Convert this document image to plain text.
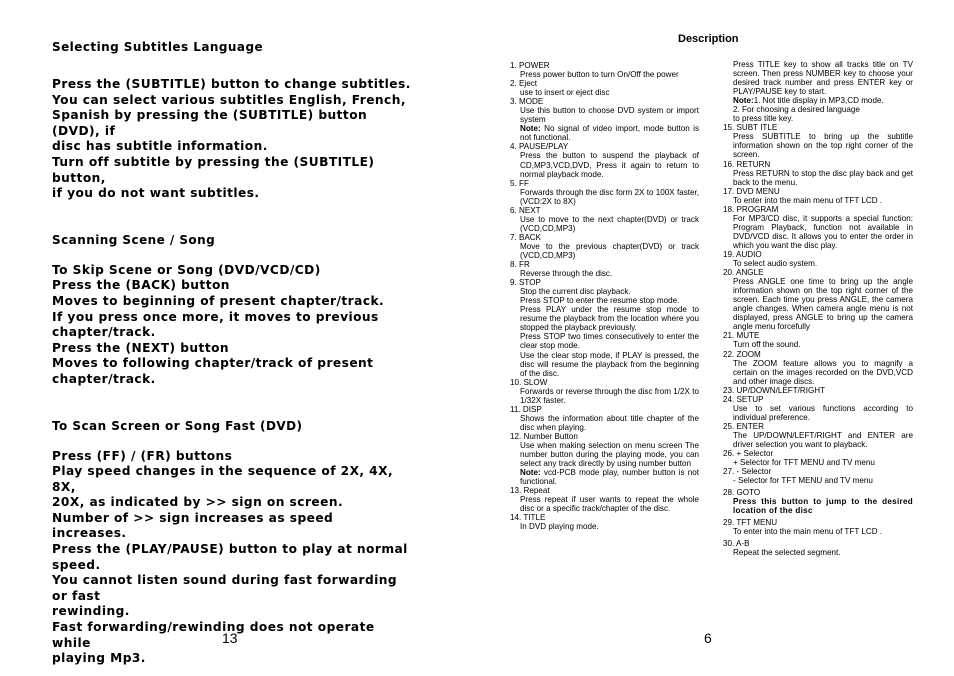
Selecting Subtitles Language

Press the (SUBTITLE) button to change subtitles.

You can select various subtitles English, French,

Spanish by pressing the (SUBTITLE) button (DVD), if

disc has subtitle information.

Turn off subtitle by pressing the (SUBTITLE) button,

if you do not want subtitles.

Scanning Scene / Song

To Skip Scene or Song (DVD/VCD/CD)

Press the (BACK) button

Moves to beginning of present chapter/track.

If you press once more, it moves to previous

chapter/track.

Press the (NEXT) button

Moves to following chapter/track of present

chapter/track.

To Scan Screen or Song Fast (DVD)

Press (FF) / (FR) buttons

Play speed changes in the sequence of 2X, 4X, 8X,

20X, as indicated by >> sign on screen.

Number of >> sign increases as speed increases.

Press the (PLAY/PAUSE) button to play at normal

speed.

You cannot listen sound during fast forwarding or fast

rewinding.

Fast forwarding/rewinding does not operate while

playing Mp3.

13
Description

1. POWER

Press power button to turn On/Off the power

2. Eject

use to insert or eject disc

3. MODE

Use this button to choose DVD system or import system

Note: No signal of video import, mode button is not functional.

4. PAUSE/PLAY

Press the button to suspend the playback of CD,MP3,VCD,DVD, Press it again to return to normal playback mode.

5. FF

Forwards through the disc form 2X to 100X faster,(VCD:2X to 8X)

6. NEXT

Use to move to the next chapter(DVD) or track (VCD,CD,MP3)

7. BACK

Move to the previous chapter(DVD) or track (VCD,CD,MP3)

8. FR

Reverse through the disc.

9. STOP

Stop the current disc playback.
Press STOP to enter the resume stop mode.
Press PLAY under the resume stop mode to resume the playback from the location where you stopped the playback previously.
Press STOP two times consecutively to enter the clear stop mode.
Use the clear stop mode, if PLAY is pressed, the disc will resume the playback from the beginning of the disc.

10. SLOW

Forwards or reverse through the disc from 1/2X to 1/32X faster.

11. DISP

Shows the information about title chapter of the disc when playing.

12. Number Button

Use when making selection on menu screen The number button during the playing mode, you can select any track directly by using number button

Note: vcd-PCB mode play, number button is not functional.

13. Repeat

Press repeat if user wants to repeat the whole disc or a specific track/chapter of the disc.

14. TITLE

In DVD playing mode.

Press TITLE key to show all tracks title on TV screen. Then press NUMBER key to choose your desired track number and press ENTER key or PLAY/PAUSE key to start.

Note:1. Not title display in MP3,CD mode.
2. For choosing a desired language
to press title key.

15. SUBT ITLE

Press SUBTITLE to bring up the subtitle information shown on the top right corner of the screen.

16. RETURN

Press RETURN to stop the disc play back and get back to the menu.

17. DVD MENU

To enter into the main menu of TFT LCD .

18. PROGRAM

For MP3/CD disc, it supports a special function: Program Playback, function not available in DVD/VCD disc. It allows you to enter the order in which you want the disc play.

19. AUDIO

To select audio system.

20. ANGLE

Press ANGLE one time to bring up the angle information shown on the top right corner of the screen. Each time you press ANGLE, the camera angle changes. When camera angle menu is not displayed, press ANGLE to bring up the camera angle menu forcefully

21. MUTE

Turn off the sound.

22. ZOOM

The ZOOM feature allows you to magnify a certain on the images recorded on the DVD,VCD and other image discs.

23. UP/DOWN/LEFT/RIGHT

24. SETUP

Use to set various functions according to individual preference.

25. ENTER

The UP/DOWN/LEFT/RIGHT and ENTER are driver selection you want to playback.

26. + Selector

+ Selector for TFT MENU and TV menu

27. - Selector

- Selector for TFT MENU and TV menu

28. GOTO

Press this button to jump to the desired location of the disc

29. TFT MENU

To enter into the main menu of TFT LCD .

30. A-B

Repeat the selected segment.

6
